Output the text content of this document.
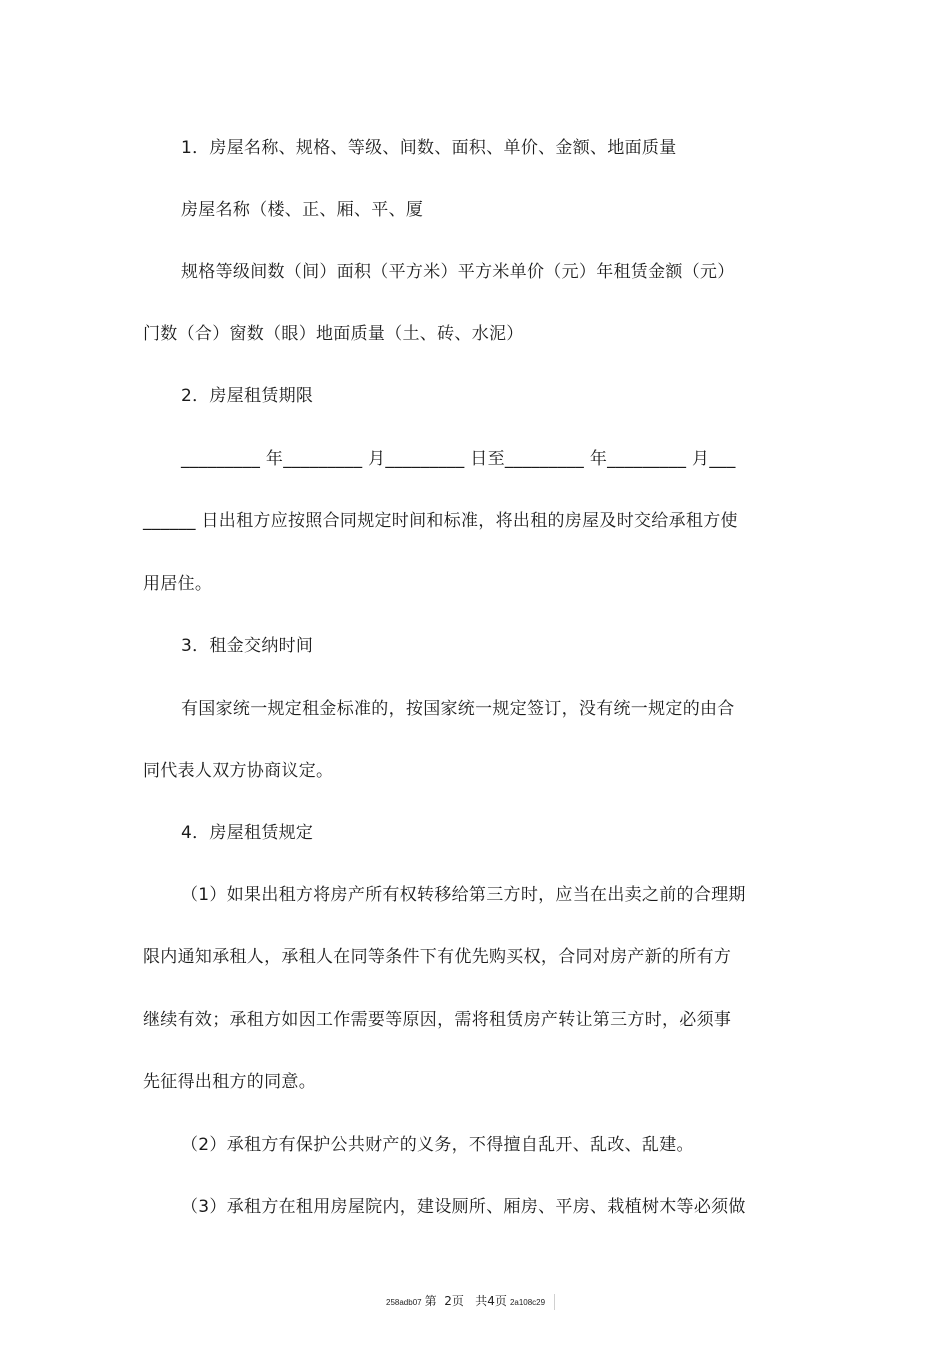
1．房屋名称、规格、等级、间数、面积、单价、金额、地面质量
房屋名称（楼、正、厢、平、厦
规格等级间数（间）面积（平方米）平方米单价（元）年租赁金额（元）
门数（合）窗数（眼）地面质量（土、砖、水泥）
2．房屋租赁期限
_________ 年_________ 月_________ 日至_________ 年_________ 月___
______ 日出租方应按照合同规定时间和标准，将出租的房屋及时交给承租方使
用居住。
3．租金交纳时间
有国家统一规定租金标准的，按国家统一规定签订，没有统一规定的由合
同代表人双方协商议定。
4．房屋租赁规定
（1）如果出租方将房产所有权转移给第三方时，应当在出卖之前的合理期
限内通知承租人，承租人在同等条件下有优先购买权，合同对房产新的所有方
继续有效；承租方如因工作需要等原因，需将租赁房产转让第三方时，必须事
先征得出租方的同意。
（2）承租方有保护公共财产的义务，不得擅自乱开、乱改、乱建。
（3）承租方在租用房屋院内，建设厕所、厢房、平房、栽植树木等必须做
258adb07 第  2页   共4页 2a108c29
